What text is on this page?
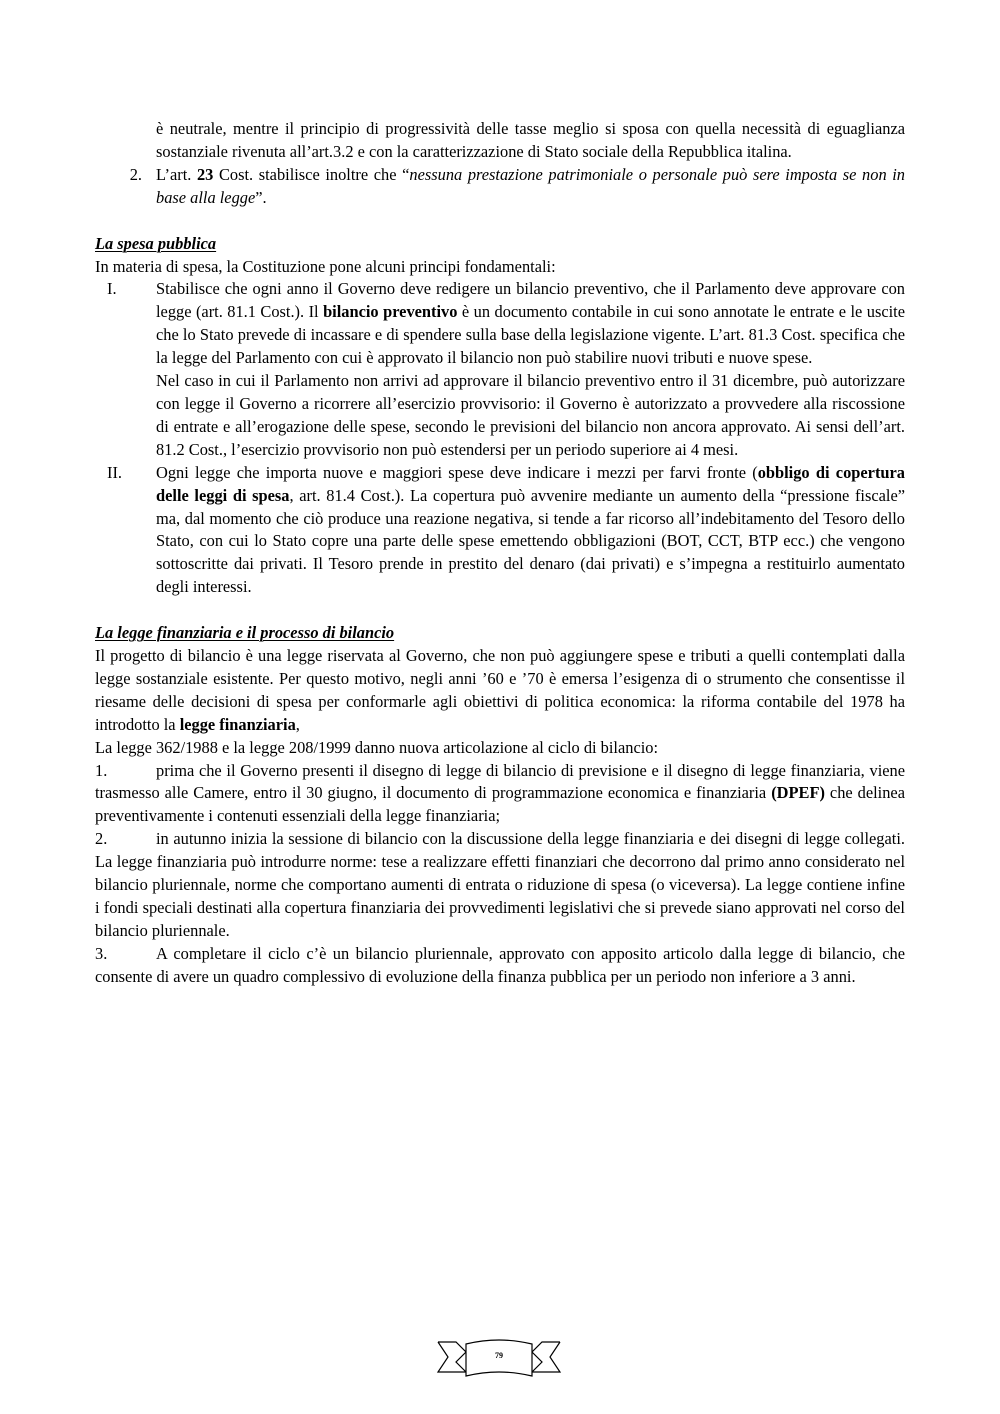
è neutrale, mentre il principio di progressività delle tasse meglio si sposa con quella necessità di eguaglianza sostanziale rivenuta all’art.3.2 e con la caratterizzazione di Stato sociale della Repubblica italina.

2. L’art. 23 Cost. stabilisce inoltre che “nessuna prestazione patrimoniale o personale può sere imposta se non in base alla legge”.

La spesa pubblica

In materia di spesa, la Costituzione pone alcuni principi fondamentali:

I.	Stabilisce che ogni anno il Governo deve redigere un bilancio preventivo, che il Parlamento deve approvare con legge (art. 81.1 Cost.). Il bilancio preventivo è un documento contabile in cui sono annotate le entrate e le uscite che lo Stato prevede di incassare e di spendere sulla base della legislazione vigente. L’art. 81.3 Cost. specifica che la legge del Parlamento con cui è approvato il bilancio non può stabilire nuovi tributi e nuove spese.

Nel caso in cui il Parlamento non arrivi ad approvare il bilancio preventivo entro il 31 dicembre, può autorizzare con legge il Governo a ricorrere all’esercizio provvisorio: il Governo è autorizzato a provvedere alla riscossione di entrate e all’erogazione delle spese, secondo le previsioni del bilancio non ancora approvato. Ai sensi dell’art. 81.2 Cost., l’esercizio provvisorio non può estendersi per un periodo superiore ai 4 mesi.

II.	Ogni legge che importa nuove e maggiori spese deve indicare i mezzi per farvi fronte (obbligo di copertura delle leggi di spesa, art. 81.4 Cost.). La copertura può avvenire mediante un aumento della “pressione fiscale” ma, dal momento che ciò produce una reazione negativa, si tende a far ricorso all’indebitamento del Tesoro dello Stato, con cui lo Stato copre una parte delle spese emettendo obbligazioni (BOT, CCT, BTP ecc.) che vengono sottoscritte dai privati. Il Tesoro prende in prestito del denaro (dai privati) e s’impegna a restituirlo aumentato degli interessi.

La legge finanziaria e il processo di bilancio

Il progetto di bilancio è una legge riservata al Governo, che non può aggiungere spese e tributi a quelli contemplati dalla legge sostanziale esistente. Per questo motivo, negli anni ’60 e ’70 è emersa l’esigenza di o strumento che consentisse il riesame delle decisioni di spesa per conformarle agli obiettivi di politica economica: la riforma contabile del 1978 ha introdotto la legge finanziaria,

La legge 362/1988 e la legge 208/1999 danno nuova articolazione al ciclo di bilancio:

1.	prima che il Governo presenti il disegno di legge di bilancio di previsione e il disegno di legge finanziaria, viene trasmesso alle Camere, entro il 30 giugno, il documento di programmazione economica e finanziaria (DPEF) che delinea preventivamente i contenuti essenziali della legge finanziaria;

2.	in autunno inizia la sessione di bilancio con la discussione della legge finanziaria e dei disegni di legge collegati. La legge finanziaria può introdurre norme: tese a realizzare effetti finanziari che decorrono dal primo anno considerato nel bilancio pluriennale, norme che comportano aumenti di entrata o riduzione di spesa (o viceversa). La legge contiene infine i fondi speciali destinati alla copertura finanziaria dei provvedimenti legislativi che si prevede siano approvati nel corso del bilancio pluriennale.

3.	A completare il ciclo c’è un bilancio pluriennale, approvato con apposito articolo dalla legge di bilancio, che consente di avere un quadro complessivo di evoluzione della finanza pubblica per un periodo non inferiore a 3 anni.

79
